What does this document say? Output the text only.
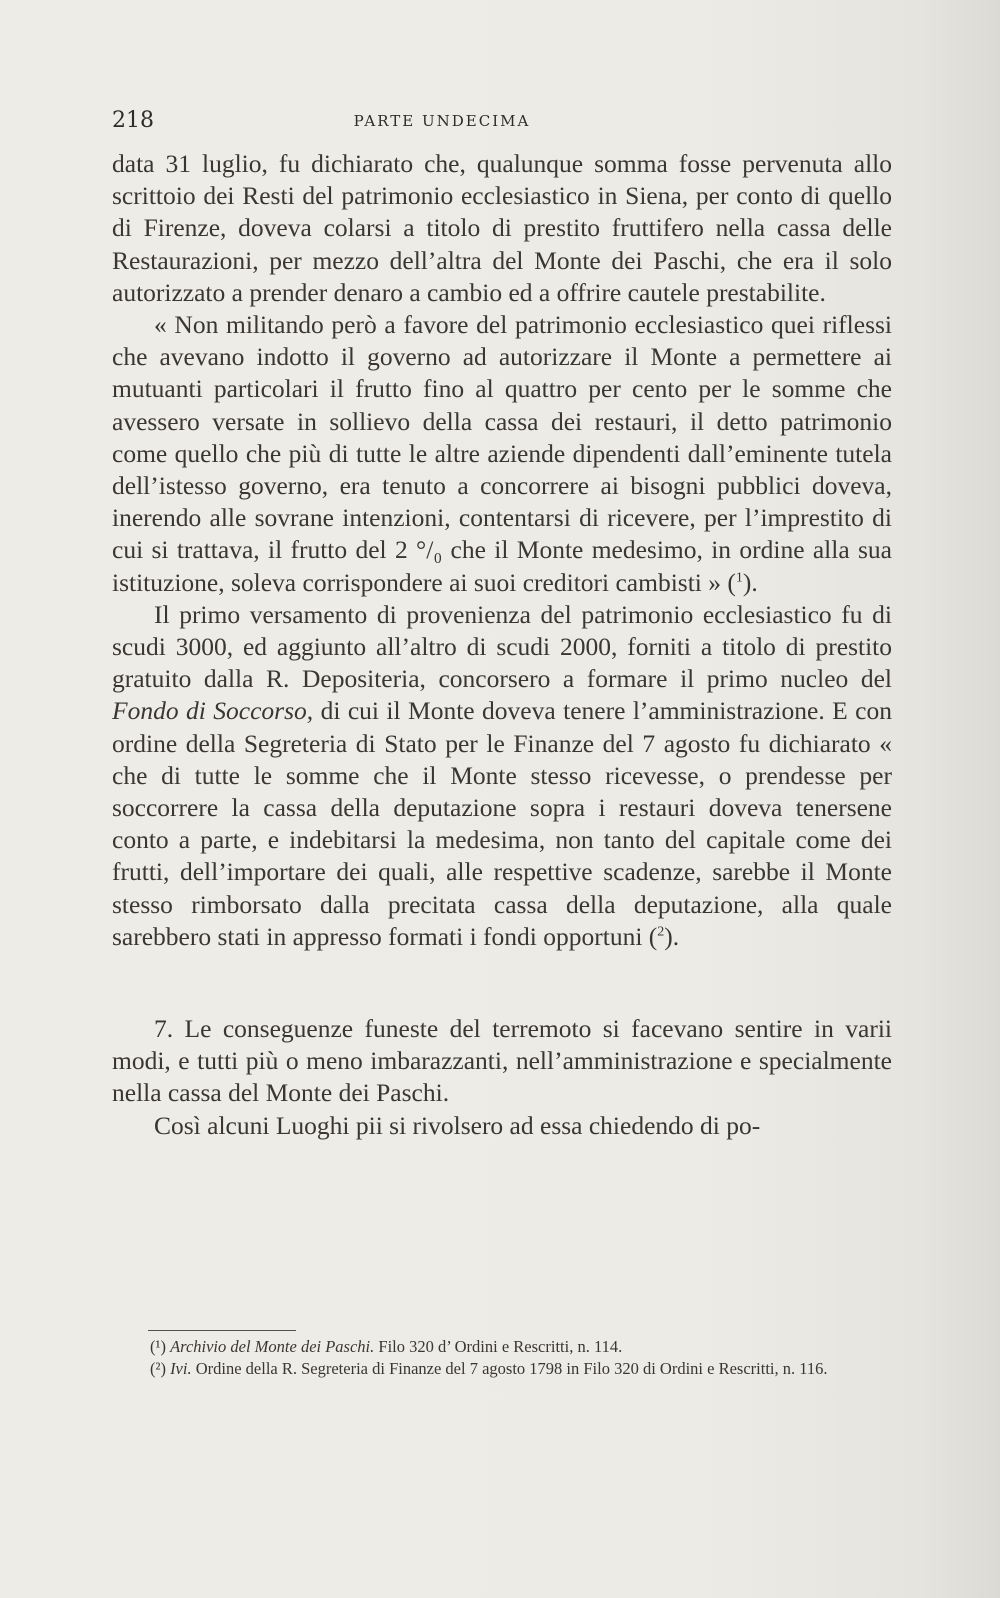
218	PARTE UNDECIMA

data 31 luglio, fu dichiarato che, qualunque somma fosse pervenuta allo scrittoio dei Resti del patrimonio ecclesiastico in Siena, per conto di quello di Firenze, doveva colarsi a titolo di prestito fruttifero nella cassa delle Restaurazioni, per mezzo dell’altra del Monte dei Paschi, che era il solo autorizzato a prender denaro a cambio ed a offrire cautele prestabilite.

« Non militando però a favore del patrimonio ecclesiastico quei riflessi che avevano indotto il governo ad autorizzare il Monte a permettere ai mutuanti particolari il frutto fino al quattro per cento per le somme che avessero versate in sollievo della cassa dei restauri, il detto patrimonio come quello che più di tutte le altre aziende dipendenti dall’eminente tutela dell’istesso governo, era tenuto a concorrere ai bisogni pubblici doveva, inerendo alle sovrane intenzioni, contentarsi di ricevere, per l’imprestito di cui si trattava, il frutto del 2 °/₀ che il Monte medesimo, in ordine alla sua istituzione, soleva corrispondere ai suoi creditori cambisti » ($^1$).

Il primo versamento di provenienza del patrimonio ecclesiastico fu di scudi 3000, ed aggiunto all’altro di scudi 2000, forniti a titolo di prestito gratuito dalla R. Depositeria, concorsero a formare il primo nucleo del Fondo di Soccorso, di cui il Monte doveva tenere l’amministrazione. E con ordine della Segreteria di Stato per le Finanze del 7 agosto fu dichiarato « che di tutte le somme che il Monte stesso ricevesse, o prendesse per soccorrere la cassa della deputazione sopra i restauri doveva tenersene conto a parte, e indebitarsi la medesima, non tanto del capitale come dei frutti, dell’importare dei quali, alle respettive scadenze, sarebbe il Monte stesso rimborsato dalla precitata cassa della deputazione, alla quale sarebbero stati in appresso formati i fondi opportuni ($^2$).

7. Le conseguenze funeste del terremoto si facevano sentire in varii modi, e tutti più o meno imbarazzanti, nell’amministrazione e specialmente nella cassa del Monte dei Paschi.

Così alcuni Luoghi pii si rivolsero ad essa chiedendo di po-

(¹) Archivio del Monte dei Paschi. Filo 320 d’ Ordini e Rescritti, n. 114.

(²) Ivi. Ordine della R. Segreteria di Finanze del 7 agosto 1798 in Filo 320 di Ordini e Rescritti, n. 116.
